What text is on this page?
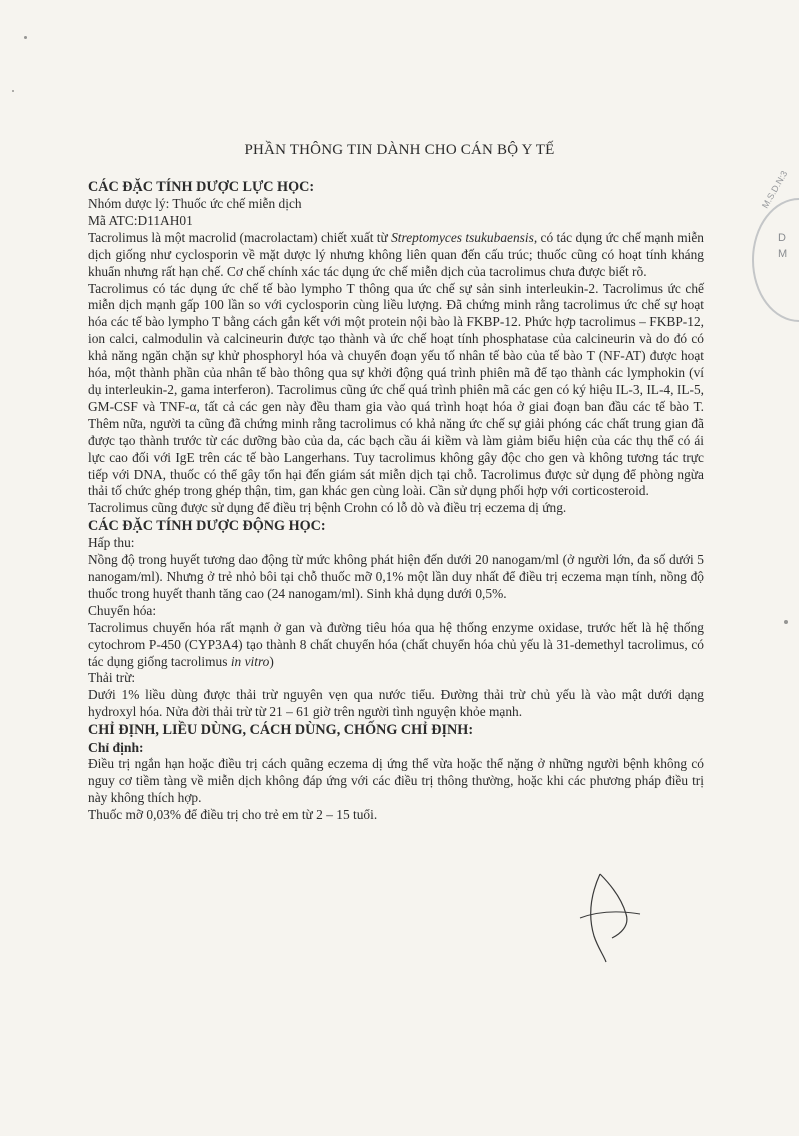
PHẦN THÔNG TIN DÀNH CHO CÁN BỘ Y TẾ
M.S.D.N:3
D
M

CÁC ĐẶC TÍNH DƯỢC LỰC HỌC:

Nhóm dược lý: Thuốc ức chế miễn dịch

Mã ATC:D11AH01

Tacrolimus là một macrolid (macrolactam) chiết xuất từ Streptomyces tsukubaensis, có tác dụng ức chế mạnh miễn dịch giống như cyclosporin về mặt dược lý nhưng không liên quan đến cấu trúc; thuốc cũng có hoạt tính kháng khuẩn nhưng rất hạn chế. Cơ chế chính xác tác dụng ức chế miễn dịch của tacrolimus chưa được biết rõ.

Tacrolimus có tác dụng ức chế tế bào lympho T thông qua ức chế sự sản sinh interleukin-2. Tacrolimus ức chế miễn dịch mạnh gấp 100 lần so với cyclosporin cùng liều lượng. Đã chứng minh rằng tacrolimus ức chế sự hoạt hóa các tế bào lympho T bằng cách gắn kết với một protein nội bào là FKBP-12. Phức hợp tacrolimus – FKBP-12, ion calci, calmodulin và calcineurin được tạo thành và ức chế hoạt tính phosphatase của calcineurin và do đó có khả năng ngăn chặn sự khử phosphoryl hóa và chuyển đoạn yếu tố nhân tế bào của tế bào T (NF-AT) được hoạt hóa, một thành phần của nhân tế bào thông qua sự khởi động quá trình phiên mã để tạo thành các lymphokin (ví dụ interleukin-2, gama interferon). Tacrolimus cũng ức chế quá trình phiên mã các gen có ký hiệu IL-3, IL-4, IL-5, GM-CSF và TNF-α, tất cả các gen này đều tham gia vào quá trình hoạt hóa ở giai đoạn ban đầu các tế bào T. Thêm nữa, người ta cũng đã chứng minh rằng tacrolimus có khả năng ức chế sự giải phóng các chất trung gian đã được tạo thành trước từ các dưỡng bào của da, các bạch cầu ái kiềm và làm giảm biểu hiện của các thụ thể có ái lực cao đối với IgE trên các tế bào Langerhans. Tuy tacrolimus không gây độc cho gen và không tương tác trực tiếp với DNA, thuốc có thể gây tổn hại đến giám sát miễn dịch tại chỗ. Tacrolimus được sử dụng để phòng ngừa thải tố chức ghép trong ghép thận, tim, gan khác gen cùng loài. Cần sử dụng phối hợp với corticosteroid.

Tacrolimus cũng được sử dụng để điều trị bệnh Crohn có lỗ dò và điều trị eczema dị ứng.

CÁC ĐẶC TÍNH DƯỢC ĐỘNG HỌC:

Hấp thu:

Nồng độ trong huyết tương dao động từ mức không phát hiện đến dưới 20 nanogam/ml (ở người lớn, đa số dưới 5 nanogam/ml). Nhưng ở trẻ nhỏ bôi tại chỗ thuốc mỡ 0,1% một lần duy nhất để điều trị eczema mạn tính, nồng độ thuốc trong huyết thanh tăng cao (24 nanogam/ml). Sinh khả dụng dưới 0,5%.

Chuyển hóa:

Tacrolimus chuyển hóa rất mạnh ở gan và đường tiêu hóa qua hệ thống enzyme oxidase, trước hết là hệ thống cytochrom P-450 (CYP3A4) tạo thành 8 chất chuyển hóa (chất chuyển hóa chủ yếu là 31-demethyl tacrolimus, có tác dụng giống tacrolimus in vitro)

Thải trừ:

Dưới 1% liều dùng được thải trừ nguyên vẹn qua nước tiểu. Đường thải trừ chủ yếu là vào mật dưới dạng hydroxyl hóa. Nửa đời thải trừ từ 21 – 61 giờ trên người tình nguyện khỏe mạnh.

CHỈ ĐỊNH, LIỀU DÙNG, CÁCH DÙNG, CHỐNG CHỈ ĐỊNH:

Chỉ định:

Điều trị ngắn hạn hoặc điều trị cách quãng eczema dị ứng thể vừa hoặc thể nặng ở những người bệnh không có nguy cơ tiềm tàng về miễn dịch không đáp ứng với các điều trị thông thường, hoặc khi các phương pháp điều trị này không thích hợp.

Thuốc mỡ 0,03% để điều trị cho trẻ em từ 2 – 15 tuổi.
